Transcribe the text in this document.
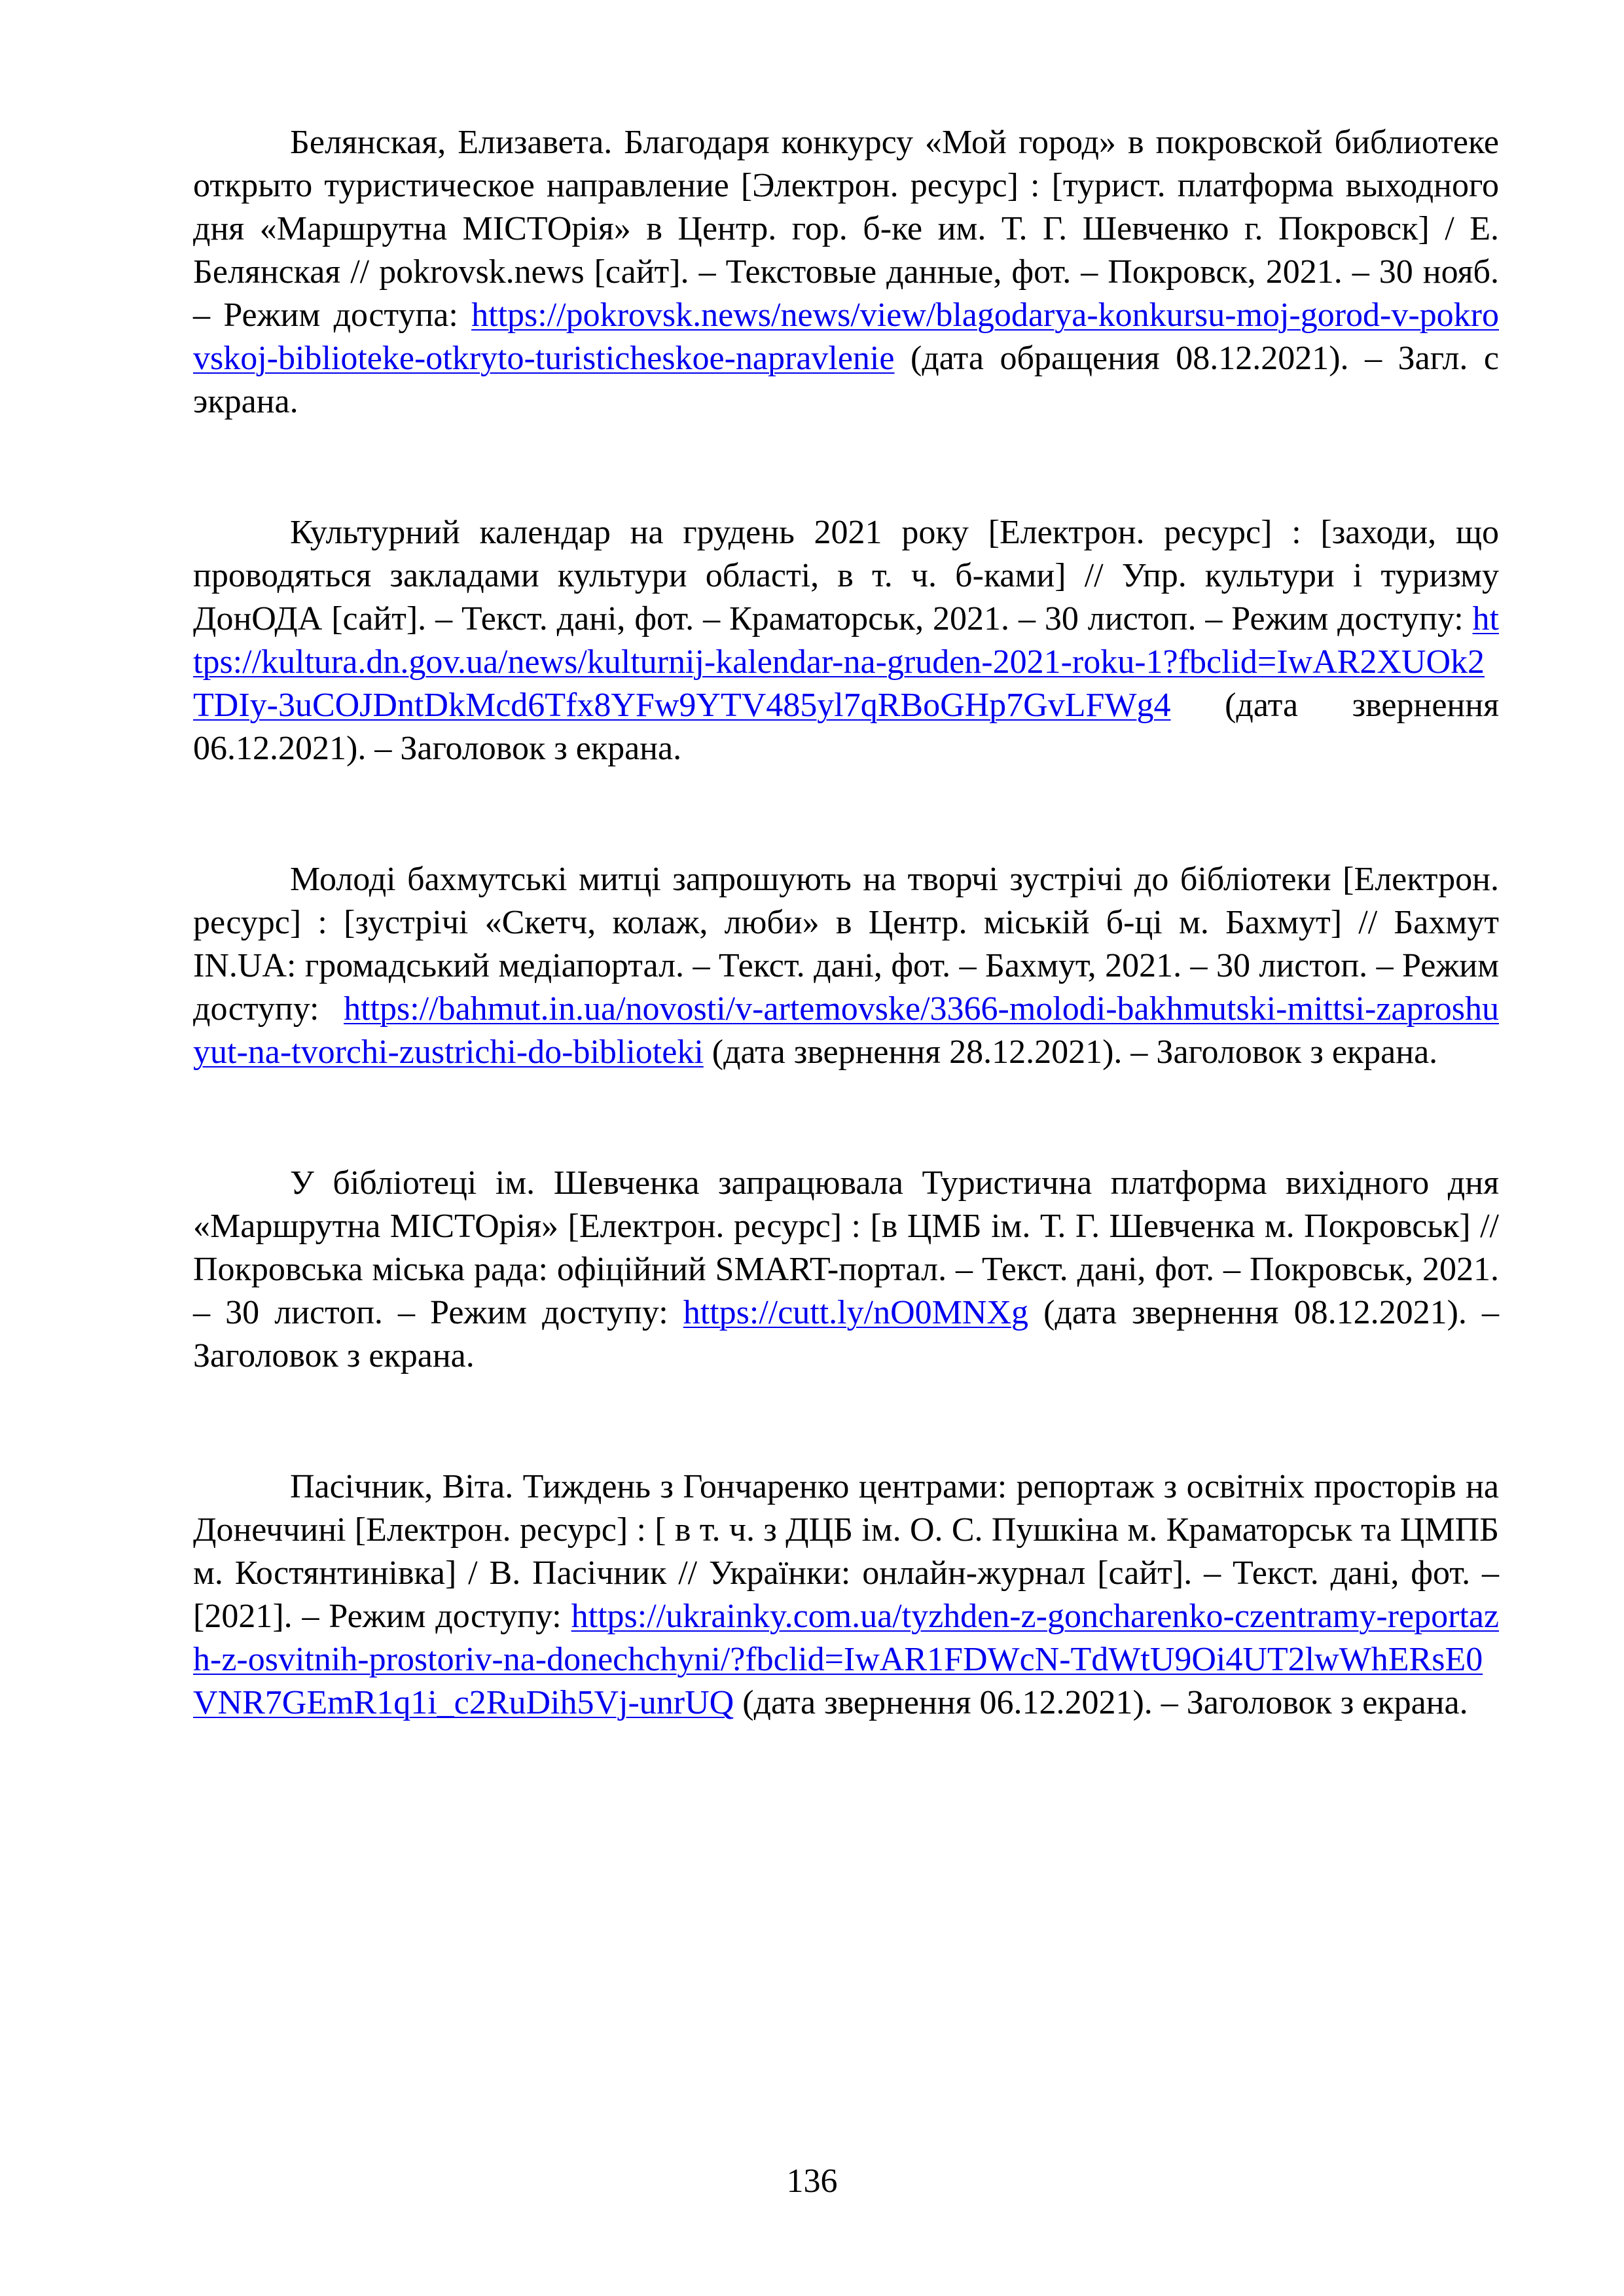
Белянская, Елизавета. Благодаря конкурсу «Мой город» в покровской библиотеке открыто туристическое направление [Электрон. ресурс] : [турист. платформа выходного дня «Маршрутна МІСТОрія» в Центр. гор. б-ке им. Т. Г. Шевченко г. Покровск] / Е. Белянская // pokrovsk.news [сайт]. – Текстовые данные, фот. – Покровск, 2021. – 30 нояб. – Режим доступа: https://pokrovsk.news/news/view/blagodarya-konkursu-moj-gorod-v-pokrovskoj-biblioteke-otkryto-turisticheskoe-napravlenie (дата обращения 08.12.2021). – Загл. с экрана.

Культурний календар на грудень 2021 року [Електрон. ресурс] : [заходи, що проводяться закладами культури області, в т. ч. б-ками] // Упр. культури і туризму ДонОДА [сайт]. – Текст. дані, фот. – Краматорськ, 2021. – 30 листоп. – Режим доступу: https://kultura.dn.gov.ua/news/kulturnij-kalendar-na-gruden-2021-roku-1?fbclid=IwAR2XUOk2TDIy-3uCOJDntDkMcd6Tfx8YFw9YTV485yl7qRBoGHp7GvLFWg4 (дата звернення 06.12.2021). – Заголовок з екрана.

Молоді бахмутські митці запрошують на творчі зустрічі до бібліотеки [Електрон. ресурс] : [зустрічі «Скетч, колаж, люби» в Центр. міській б-ці м. Бахмут] // Бахмут IN.UA: громадський медіапортал. – Текст. дані, фот. – Бахмут, 2021. – 30 листоп. – Режим доступу: https://bahmut.in.ua/novosti/v-artemovske/3366-molodi-bakhmutski-mittsi-zaproshuyut-na-tvorchi-zustrichi-do-biblioteki (дата звернення 28.12.2021). – Заголовок з екрана.

У бібліотеці ім. Шевченка запрацювала Туристична платформа вихідного дня «Маршрутна МІСТОрія» [Електрон. ресурс] : [в ЦМБ ім. Т. Г. Шевченка м. Покровськ] // Покровська міська рада: офіційний SMART-портал. – Текст. дані, фот. – Покровськ, 2021. – 30 листоп. – Режим доступу: https://cutt.ly/nO0MNXg (дата звернення 08.12.2021). – Заголовок з екрана.

Пасічник, Віта. Тиждень з Гончаренко центрами: репортаж з освітніх просторів на Донеччині [Електрон. ресурс] : [ в т. ч. з ДЦБ ім. О. С. Пушкіна м. Краматорськ та ЦМПБ м. Костянтинівка] / В. Пасічник // Українки: онлайн-журнал [сайт]. – Текст. дані, фот. – [2021]. – Режим доступу: https://ukrainky.com.ua/tyzhden-z-goncharenko-czentramy-reportazh-z-osvitnih-prostoriv-na-donechchyni/?fbclid=IwAR1FDWcN-TdWtU9Oi4UT2lwWhERsE0VNR7GEmR1q1i_c2RuDih5Vj-unrUQ (дата звернення 06.12.2021). – Заголовок з екрана.

136
